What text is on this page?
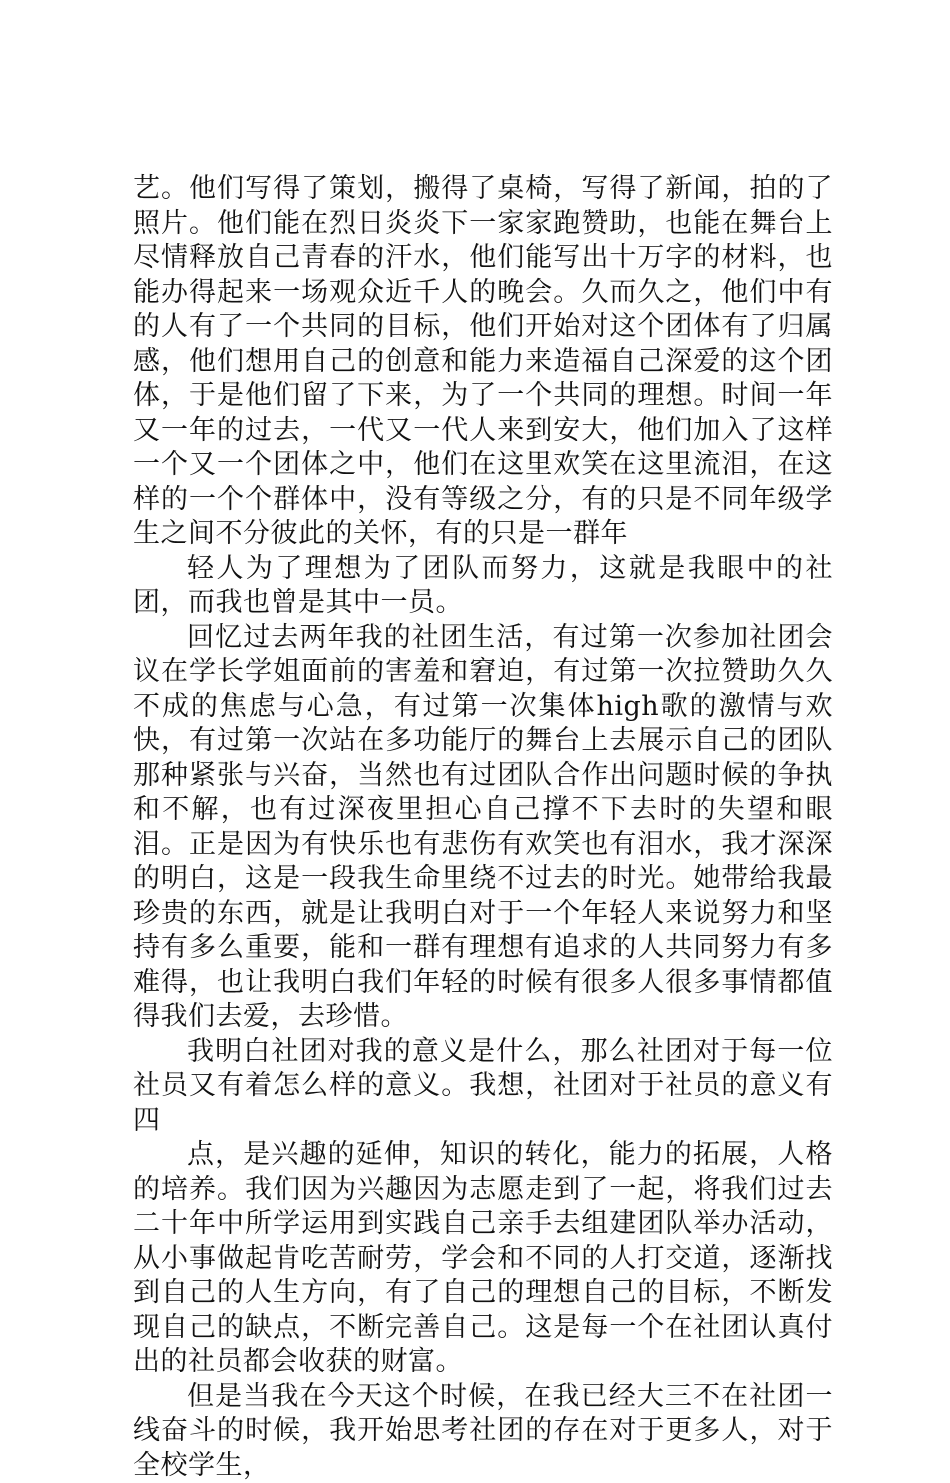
艺。他们写得了策划，搬得了桌椅，写得了新闻，拍的了照片。他们能在烈日炎炎下一家家跑赞助，也能在舞台上尽情释放自己青春的汗水，他们能写出十万字的材料，也能办得起来一场观众近千人的晚会。久而久之，他们中有的人有了一个共同的目标，他们开始对这个团体有了归属感，他们想用自己的创意和能力来造福自己深爱的这个团体，于是他们留了下来，为了一个共同的理想。时间一年又一年的过去，一代又一代人来到安大，他们加入了这样一个又一个团体之中，他们在这里欢笑在这里流泪，在这样的一个个群体中，没有等级之分，有的只是不同年级学生之间不分彼此的关怀，有的只是一群年

轻人为了理想为了团队而努力，这就是我眼中的社团，而我也曾是其中一员。

回忆过去两年我的社团生活，有过第一次参加社团会议在学长学姐面前的害羞和窘迫，有过第一次拉赞助久久不成的焦虑与心急，有过第一次集体high歌的激情与欢快，有过第一次站在多功能厅的舞台上去展示自己的团队那种紧张与兴奋，当然也有过团队合作出问题时候的争执和不解，也有过深夜里担心自己撑不下去时的失望和眼泪。正是因为有快乐也有悲伤有欢笑也有泪水，我才深深的明白，这是一段我生命里绕不过去的时光。她带给我最珍贵的东西，就是让我明白对于一个年轻人来说努力和坚持有多么重要，能和一群有理想有追求的人共同努力有多难得，也让我明白我们年轻的时候有很多人很多事情都值得我们去爱，去珍惜。

我明白社团对我的意义是什么，那么社团对于每一位社员又有着怎么样的意义。我想，社团对于社员的意义有四

点，是兴趣的延伸，知识的转化，能力的拓展，人格的培养。我们因为兴趣因为志愿走到了一起，将我们过去二十年中所学运用到实践自己亲手去组建团队举办活动，从小事做起肯吃苦耐劳，学会和不同的人打交道，逐渐找到自己的人生方向，有了自己的理想自己的目标，不断发现自己的缺点，不断完善自己。这是每一个在社团认真付出的社员都会收获的财富。

但是当我在今天这个时候，在我已经大三不在社团一线奋斗的时候，我开始思考社团的存在对于更多人，对于全校学生，
